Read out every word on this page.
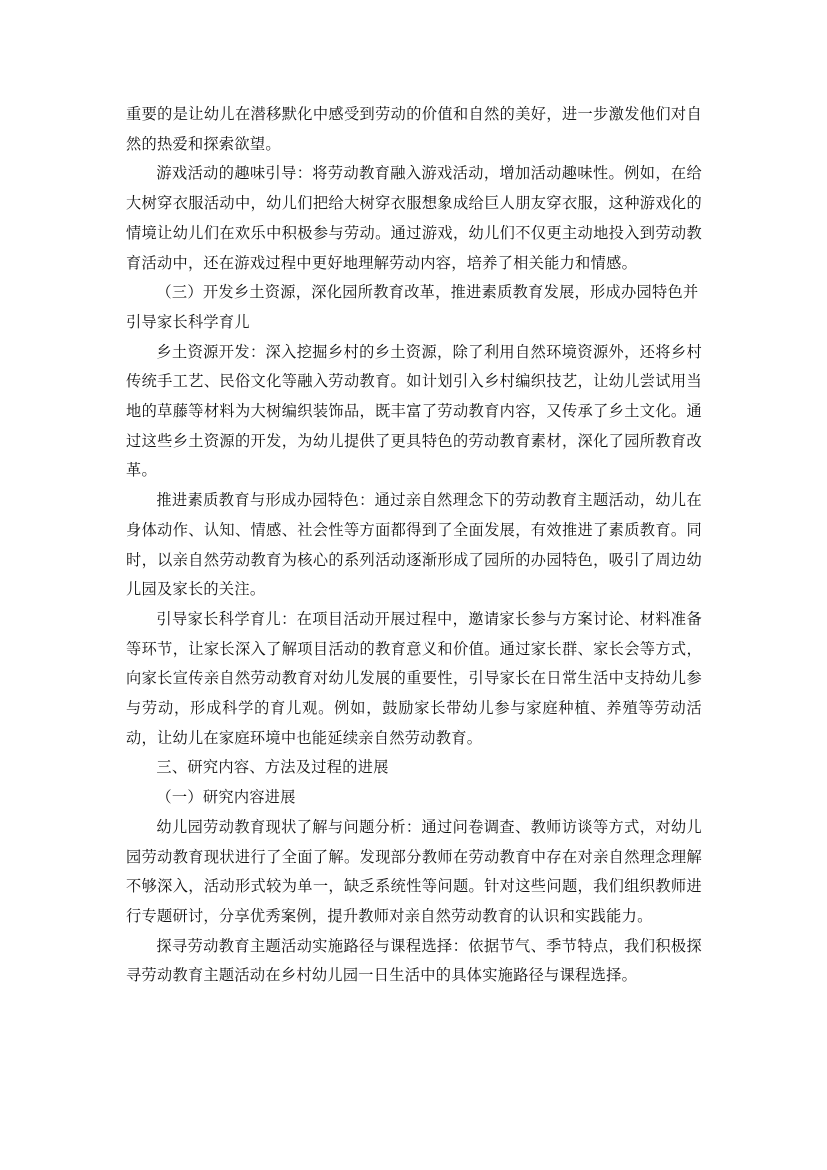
重要的是让幼儿在潜移默化中感受到劳动的价值和自然的美好，进一步激发他们对自然的热爱和探索欲望。

游戏活动的趣味引导：将劳动教育融入游戏活动，增加活动趣味性。例如，在给大树穿衣服活动中，幼儿们把给大树穿衣服想象成给巨人朋友穿衣服，这种游戏化的情境让幼儿们在欢乐中积极参与劳动。通过游戏，幼儿们不仅更主动地投入到劳动教育活动中，还在游戏过程中更好地理解劳动内容，培养了相关能力和情感。

（三）开发乡土资源，深化园所教育改革，推进素质教育发展，形成办园特色并引导家长科学育儿

乡土资源开发：深入挖掘乡村的乡土资源，除了利用自然环境资源外，还将乡村传统手工艺、民俗文化等融入劳动教育。如计划引入乡村编织技艺，让幼儿尝试用当地的草藤等材料为大树编织装饰品，既丰富了劳动教育内容，又传承了乡土文化。通过这些乡土资源的开发，为幼儿提供了更具特色的劳动教育素材，深化了园所教育改革。

推进素质教育与形成办园特色：通过亲自然理念下的劳动教育主题活动，幼儿在身体动作、认知、情感、社会性等方面都得到了全面发展，有效推进了素质教育。同时，以亲自然劳动教育为核心的系列活动逐渐形成了园所的办园特色，吸引了周边幼儿园及家长的关注。

引导家长科学育儿：在项目活动开展过程中，邀请家长参与方案讨论、材料准备等环节，让家长深入了解项目活动的教育意义和价值。通过家长群、家长会等方式，向家长宣传亲自然劳动教育对幼儿发展的重要性，引导家长在日常生活中支持幼儿参与劳动，形成科学的育儿观。例如，鼓励家长带幼儿参与家庭种植、养殖等劳动活动，让幼儿在家庭环境中也能延续亲自然劳动教育。

三、研究内容、方法及过程的进展

（一）研究内容进展

幼儿园劳动教育现状了解与问题分析：通过问卷调查、教师访谈等方式，对幼儿园劳动教育现状进行了全面了解。发现部分教师在劳动教育中存在对亲自然理念理解不够深入，活动形式较为单一，缺乏系统性等问题。针对这些问题，我们组织教师进行专题研讨，分享优秀案例，提升教师对亲自然劳动教育的认识和实践能力。

探寻劳动教育主题活动实施路径与课程选择：依据节气、季节特点，我们积极探寻劳动教育主题活动在乡村幼儿园一日生活中的具体实施路径与课程选择。
